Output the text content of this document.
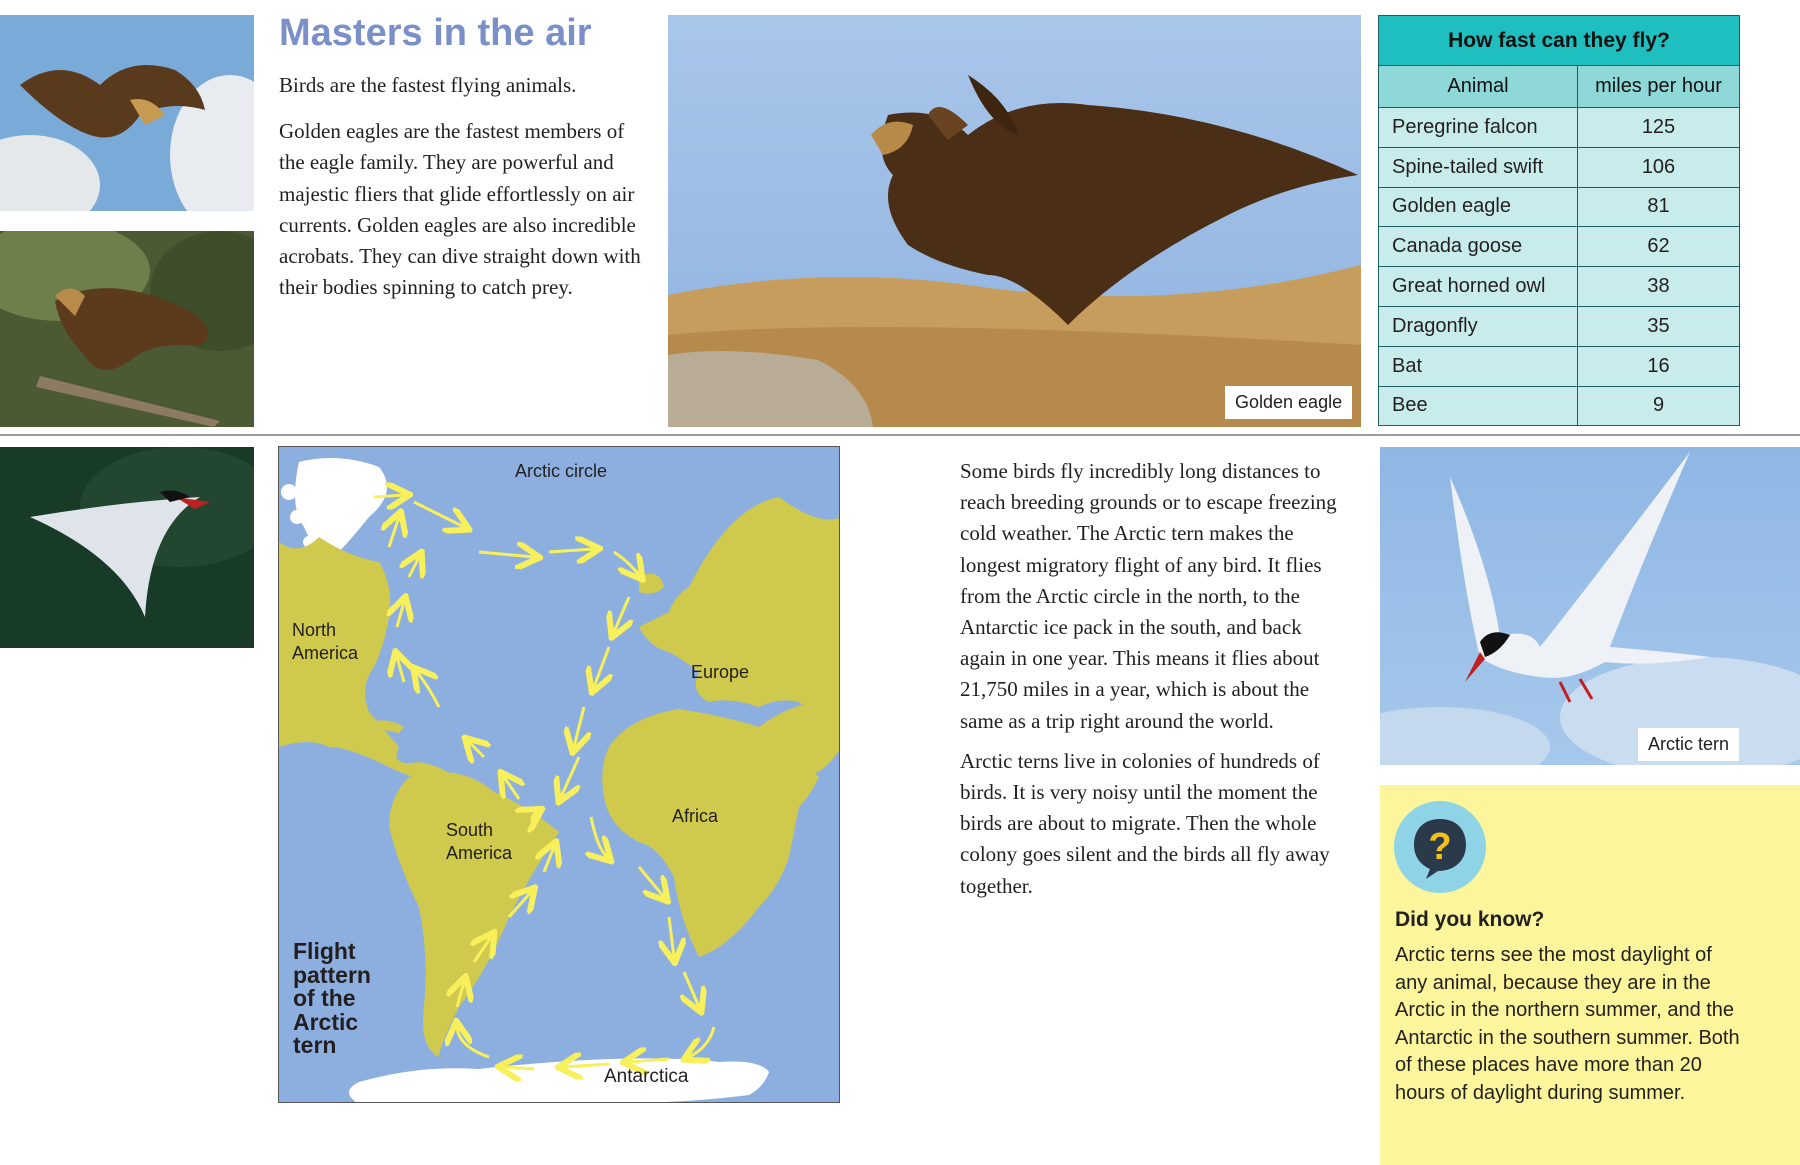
Masters in the air

Birds are the fastest flying animals.

Golden eagles are the fastest members of the eagle family. They are powerful and majestic fliers that glide effortlessly on air currents. Golden eagles are also incredible acrobats. They can dive straight down with their bodies spinning to catch prey.

Golden eagle
How fast can they fly?	
Animal	miles per hour
Peregrine falcon	125
Spine-tailed swift	106
Golden eagle	81
Canada goose	62
Great horned owl	38
Dragonfly	35
Bat	16
Bee	9
Arctic circle
North America
Europe
Africa
South America
Antarctica
Flight pattern of the Arctic tern

Some birds fly incredibly long distances to reach breeding grounds or to escape freezing cold weather. The Arctic tern makes the longest migratory flight of any bird. It flies from the Arctic circle in the north, to the Antarctic ice pack in the south, and back again in one year. This means it flies about 21,750 miles in a year, which is about the same as a trip right around the world.

Arctic terns live in colonies of hundreds of birds. It is very noisy until the moment the birds are about to migrate. Then the whole colony goes silent and the birds all fly away together.

Arctic tern
?
Did you know?
Arctic terns see the most daylight of any animal, because they are in the Arctic in the northern summer, and the Antarctic in the southern summer. Both of these places have more than 20 hours of daylight during summer.
